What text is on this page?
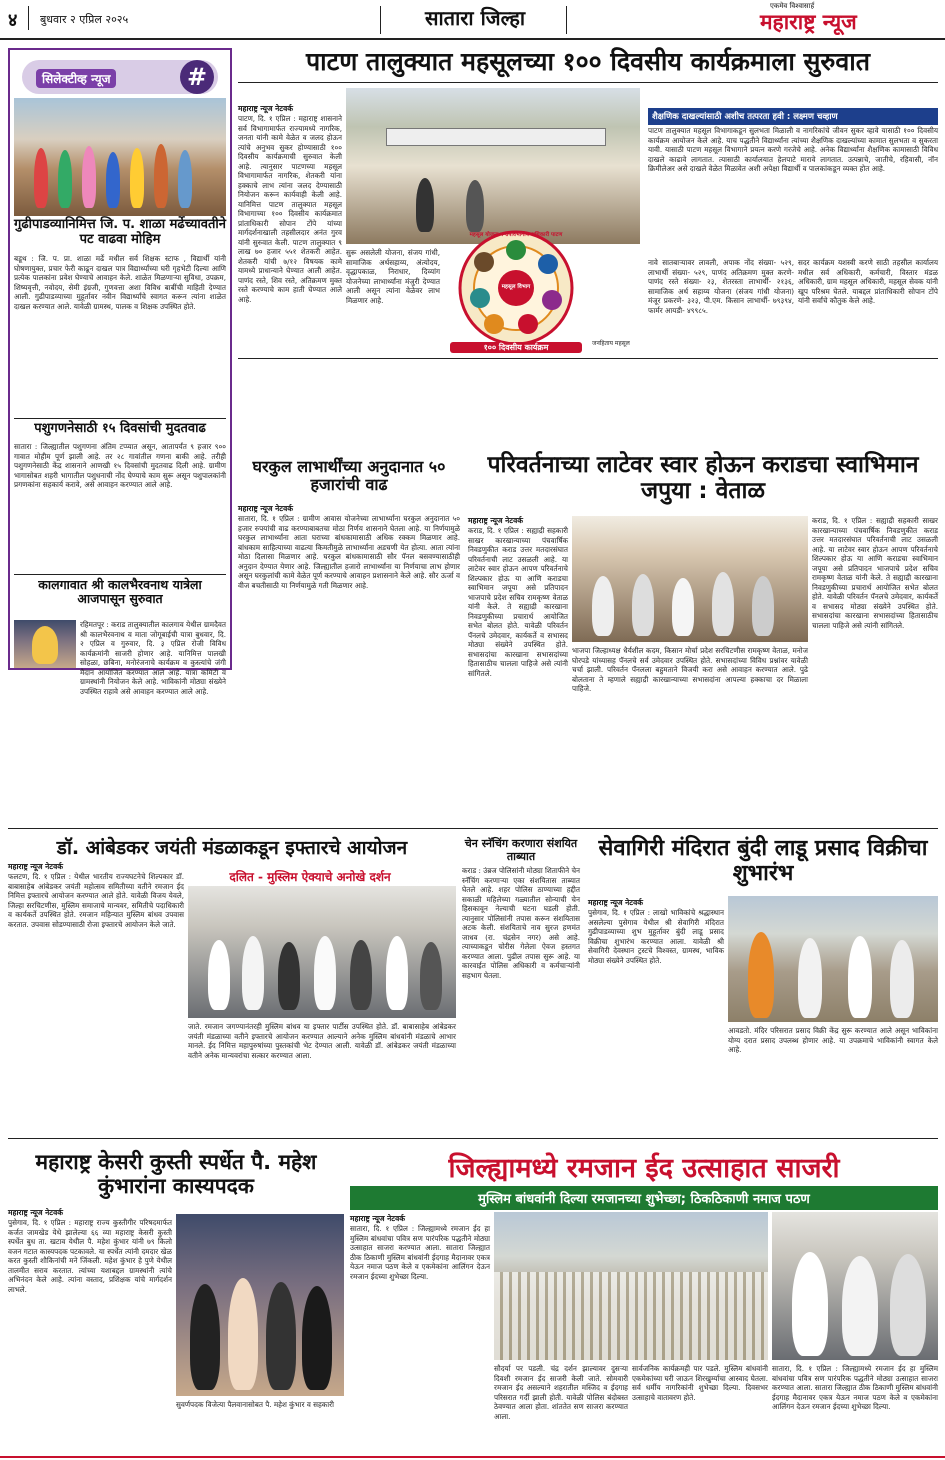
४ बुधवार २ एप्रिल २०२५	सातारा जिल्हा	एकमेव विश्वासार्ह
महाराष्ट्र न्यूज
सिलेक्टीव्ह न्यूज	#
गुढीपाडव्यानिमित्त जि. प. शाळा मर्ढेच्यावतीने पट वाढवा मोहिम
बडूथ : जि. प. प्रा. शाळा मर्ढे मधील सर्व शिक्षक स्टाफ , विद्यार्थी यांनी घोषणायुक्त, प्रचार फेरी काढून दाखल पात्र विद्यार्थ्यांच्या घरी गृहभेटी दिल्या आणि प्रत्येक पालकांना प्रवेश घेण्याचे आवाहन केले. शाळेत मिळणाऱ्या सुविधा, उपक्रम, शिष्यवृत्ती, नवोदय, सेमी इंग्रजी, गुणवत्ता अशा विविध बाबींची माहिती देण्यात आली. गुढीपाडव्याच्या मुहूर्तावर नवीन विद्यार्थ्यांचे स्वागत करून त्यांना शाळेत दाखल करण्यात आले. यावेळी ग्रामस्थ, पालक व शिक्षक उपस्थित होते.
पशुगणनेसाठी १५ दिवसांची मुदतवाढ
सातारा : जिल्ह्यातील पशुगणना अंतिम टप्प्यात असून, आतापर्यंत ९ हजार ९०० गावात मोहीम पूर्ण झाली आहे. तर २८ गावांतील गणना बाकी आहे. तरीही पशुगणनेसाठी केंद्र शासनाने आणखी १५ दिवसांची मुदतवाढ दिली आहे. ग्रामीण भागासोबत शहरी भागातील पशुधनाची नोंद घेण्याचे काम सुरू असून पशुपालकांनी प्रगणकांना सहकार्य करावे, असे आवाहन करण्यात आले आहे.
कालगावात श्री कालभैरवनाथ यात्रेला आजपासून सुरुवात
रहिमतपूर : कराड तालुक्यातील कालगाव येथील ग्रामदैवत श्री कालभैरवनाथ व माता जोगूबाईची यात्रा बुधवार, दि. २ एप्रिल व गुरुवार, दि. ३ एप्रिल रोजी विविध कार्यक्रमांनी साजरी होणार आहे. यानिमित्त पालखी सोहळा, छबिना, मनोरंजनाचे कार्यक्रम व कुस्त्यांचे जंगी मैदान आयोजित करण्यात आले आहे. यात्रा कमिटी व ग्रामस्थांनी नियोजन केले आहे. भाविकांनी मोठ्या संख्येने उपस्थित राहावे असे आवाहन करण्यात आले आहे.
पाटण तालुक्यात महसूलच्या १०० दिवसीय कार्यक्रमाला सुरुवात
महाराष्ट्र न्यूज नेटवर्क
पाटण, दि. १ एप्रिल : महाराष्ट्र शासनाने सर्व विभागामार्फत राज्यामध्ये नागरिक, जनता यांनी कामे वेळेत व जलद होऊन त्यांचे अनुभव सुकर होण्यासाठी १०० दिवसीय कार्यक्रमाची सुरुवात केली आहे. त्यानुसार पाटणच्या महसूल विभागामार्फत नागरिक, शेतकरी यांना हक्काचे लाभ त्यांना जलद देण्यासाठी नियोजन करून कार्यवाही केली आहे. यानिमित्त पाटण तालुक्यात महसूल विभागाच्या १०० दिवसीय कार्यक्रमात प्रांताधिकारी सोपान टोंपे यांच्या मार्गदर्शनाखाली तहसीलदार अनंत गुरव यांनी सुरुवात केली. पाटण तालुक्यात ९ लाख ७० हजार ५५१ शेतकरी आहेत. शेतकरी यांची ७/१२ विषयक कामे यामध्ये प्राधान्याने घेण्यात आली आहेत. पाणंद रस्ते, शिव रस्ते, अतिक्रमण मुक्त रस्ते करण्याचे काम हाती घेण्यात आले आहे.
सुरू असलेली योजना, संजय गांधी, सामाजिक अर्थसहाय्य, अंत्योदय, वृद्धापकाळ, निराधार, दिव्यांग योजनेच्या लाभार्थ्यांना मंजुरी देण्यात आली असून त्यांना वेळेवर लाभ मिळणार आहे.
महसूल विभाग
महसूल योजना व उपविभागीय अधिकारी पाटण
१०० दिवसीय कार्यक्रम	जनहिताय महसूल
शैक्षणिक दाखल्यांसाठी अशीच तत्परता हवी : लक्ष्मण चव्हाण
पाटण तालुक्यात महसूल विभागाकडून सुलभता मिळाली व नागरिकांचे जीवन सुकर व्हावे यासाठी १०० दिवसीय कार्यक्रम आयोजन केले आहे. याच पद्धतीने विद्यार्थ्यांना त्यांच्या शैक्षणिक दाखल्यांच्या कामात सुलभता व सुकरता यावी. यासाठी पाटण महसूल विभागाने प्रयत्न करणे गरजेचे आहे. अनेक विद्यार्थ्यांना शैक्षणिक कामासाठी विविध दाखले काढावे लागतात. त्यासाठी कार्यालयात हेलपाटे मारावे लागतात. उत्पन्नाचे, जातीचे, रहिवासी, नॉन क्रिमीलेअर असे दाखले वेळेत मिळावेत अशी अपेक्षा विद्यार्थी व पालकांकडून व्यक्त होत आहे.
नावे सातबाऱ्यावर लावली, अपाक नोंद संख्या- ५२९, लाभार्थी संख्या- ५२९, पाणंद अतिक्रमण मुक्त करणे- पाणंद रस्ते संख्या- २३, शेतरस्ता लाभार्थी- २१३६, सामाजिक अर्थ सहाय्य योजना (संजय गांधी योजना) मंजूर प्रकरणे- ३२३, पी.एम. किसान लाभार्थी- ७९३९४, फार्मर आयडी- ४९९८५.
सदर कार्यक्रम यशस्वी करणे साठी तहसील कार्यालय मधील सर्व अधिकारी, कर्मचारी, विस्तार मंडळ अधिकारी, ग्राम महसूल अधिकारी, महसूल सेवक यांनी खूप परिश्रम घेतले. याबद्दल प्रांताधिकारी सोपान टोंपे यांनी सर्वांचे कौतुक केले आहे.
घरकुल लाभार्थींच्या अनुदानात ५० हजारांची वाढ
महाराष्ट्र न्यूज नेटवर्क
सातारा, दि. १ एप्रिल : ग्रामीण आवास योजनेच्या लाभार्थ्यांना घरकुल अनुदानात ५० हजार रुपयांची वाढ करण्याबाबतचा मोठा निर्णय शासनाने घेतला आहे. या निर्णयामुळे घरकुल लाभार्थ्यांना आता घराच्या बांधकामासाठी अधिक रक्कम मिळणार आहे. बांधकाम साहित्याच्या वाढत्या किमतीमुळे लाभार्थ्यांना अडचणी येत होत्या. आता त्यांना मोठा दिलासा मिळणार आहे. घरकुल बांधकामासाठी सौर पॅनल बसवण्यासाठीही अनुदान देण्यात येणार आहे. जिल्ह्यातील हजारो लाभार्थ्यांना या निर्णयाचा लाभ होणार असून घरकुलांची कामे वेळेत पूर्ण करण्याचे आवाहन प्रशासनाने केले आहे. सौर ऊर्जा व वीज बचतीसाठी या निर्णयामुळे गती मिळणार आहे.
परिवर्तनाच्या लाटेवर स्वार होऊन कराडचा स्वाभिमान जपुया : वेताळ
महाराष्ट्र न्यूज नेटवर्क
कराड, दि. १ एप्रिल : सह्याद्री सहकारी साखर कारखान्याच्या पंचवार्षिक निवडणुकीत कराड उत्तर मतदारसंघात परिवर्तनाची लाट उसळली आहे. या लाटेवर स्वार होऊन आपण परिवर्तनाचे शिल्पकार होऊ या आणि कराडचा स्वाभिमान जपूया असे प्रतिपादन भाजपाचे प्रदेश सचिव रामकृष्ण वेताळ यांनी केले. ते सह्याद्री कारखाना निवडणुकीच्या प्रचारार्थ आयोजित सभेत बोलत होते. यावेळी परिवर्तन पॅनलचे उमेदवार, कार्यकर्ते व सभासद मोठ्या संख्येने उपस्थित होते. सभासदांचा कारखाना सभासदांच्या हितासाठीच चालला पाहिजे असे त्यांनी सांगितले.
भाजपा जिल्हाध्यक्ष धैर्यशील कदम, किसान मोर्चा प्रदेश सरचिटणीस रामकृष्ण वेताळ, मनोज घोरपडे यांच्यासह पॅनलचे सर्व उमेदवार उपस्थित होते. सभासदांच्या विविध प्रश्नांवर यावेळी चर्चा झाली. परिवर्तन पॅनलला बहुमताने विजयी करा असे आवाहन करण्यात आले. पुढे बोलताना ते म्हणाले सह्याद्री कारखान्याच्या सभासदांना आपल्या हक्काचा दर मिळाला पाहिजे.
कराड, दि. १ एप्रिल : सह्याद्री सहकारी साखर कारखान्याच्या पंचवार्षिक निवडणुकीत कराड उत्तर मतदारसंघात परिवर्तनाची लाट उसळली आहे. या लाटेवर स्वार होऊन आपण परिवर्तनाचे शिल्पकार होऊ या आणि कराडचा स्वाभिमान जपूया असे प्रतिपादन भाजपाचे प्रदेश सचिव रामकृष्ण वेताळ यांनी केले. ते सह्याद्री कारखाना निवडणुकीच्या प्रचारार्थ आयोजित सभेत बोलत होते. यावेळी परिवर्तन पॅनलचे उमेदवार, कार्यकर्ते व सभासद मोठ्या संख्येने उपस्थित होते. सभासदांचा कारखाना सभासदांच्या हितासाठीच चालला पाहिजे असे त्यांनी सांगितले.
डॉ. आंबेडकर जयंती मंडळाकडून इफ्तारचे आयोजन
दलित - मुस्लिम ऐक्याचे अनोखे दर्शन
महाराष्ट्र न्यूज नेटवर्क
फलटण, दि. १ एप्रिल : येथील भारतीय राज्यघटनेचे शिल्पकार डॉ. बाबासाहेब आंबेडकर जयंती महोत्सव समितीच्या वतीने रमजान ईद निमित्त इफ्तारचे आयोजन करण्यात आले होते. यावेळी विजय येवले, जिल्हा सरचिटणीस, मुस्लिम समाजाचे मान्यवर, समितीचे पदाधिकारी व कार्यकर्ते उपस्थित होते. रमजान महिन्यात मुस्लिम बांधव उपवास करतात. उपवास सोडण्यासाठी रोजा इफ्तारचे आयोजन केले जाते.
जाते. रमजान जगण्यानंतरही मुस्लिम बांधव या इफ्तार पार्टीस उपस्थित होते. डॉ. बाबासाहेब आंबेडकर जयंती मंडळाच्या वतीने इफ्तारचे आयोजन करण्यात आल्याने अनेक मुस्लिम बांधवांनी मंडळाचे आभार मानले. ईद निमित्त महापुरुषांच्या पुस्तकांची भेट देण्यात आली. यावेळी डॉ. आंबेडकर जयंती मंडळाच्या वतीने अनेक मान्यवरांचा सत्कार करण्यात आला.
चेन स्नॅचिंग करणारा संशयित ताब्यात
कराड : उंब्रज पोलिसांनी मोठ्या शिताफीने चेन स्नॅचिंग करणाऱ्या एका संशयितास ताब्यात घेतले आहे. शहर पोलिस ठाण्याच्या हद्दीत सकाळी महिलेच्या गळ्यातील सोन्याची चेन हिसकावून नेल्याची घटना घडली होती. त्यानुसार पोलिसांनी तपास करून संशयितास अटक केली. संशयिताचे नाव सुरज हणमंत जाधव (रा. चंद्रसेन नगर) असे आहे. त्याच्याकडून चोरीस गेलेला ऐवज हस्तगत करण्यात आला. पुढील तपास सुरू आहे. या कारवाईत पोलिस अधिकारी व कर्मचाऱ्यांनी सहभाग घेतला.
सेवागिरी मंदिरात बुंदी लाडू प्रसाद विक्रीचा शुभारंभ
महाराष्ट्र न्यूज नेटवर्क
पुसेगाव, दि. १ एप्रिल : लाखो भाविकांचे श्रद्धास्थान असलेल्या पुसेगाव येथील श्री सेवागिरी मंदिरात गुढीपाडव्याच्या शुभ मुहूर्तावर बुंदी लाडू प्रसाद विक्रीचा शुभारंभ करण्यात आला. यावेळी श्री सेवागिरी देवस्थान ट्रस्टचे विश्वस्त, ग्रामस्थ, भाविक मोठ्या संख्येने उपस्थित होते.
आवडतो. मंदिर परिसरात प्रसाद विक्री केंद्र सुरू करण्यात आले असून भाविकांना योग्य दरात प्रसाद उपलब्ध होणार आहे. या उपक्रमाचे भाविकांनी स्वागत केले आहे.
महाराष्ट्र केसरी कुस्ती स्पर्धेत पै. महेश कुंभारांना कास्यपदक
महाराष्ट्र न्यूज नेटवर्क
पुसेगाव, दि. १ एप्रिल : महाराष्ट्र राज्य कुस्तीगीर परिषदमार्फत कर्जत जामखेड येथे झालेल्या ६६ व्या महाराष्ट्र केसरी कुस्ती स्पर्धेत बुध ता. खटाव येथील पै. महेश कुंभार यांनी ७९ किलो वजन गटात कास्यपदक पटकावले. या स्पर्धेत त्यांनी दमदार खेळ करत कुस्ती शौकिनांची मने जिंकली. महेश कुंभार हे पुणे येथील तालमीत सराव करतात. त्यांच्या यशाबद्दल ग्रामस्थांनी त्यांचे अभिनंदन केले आहे. त्यांना वस्ताद, प्रशिक्षक यांचे मार्गदर्शन लाभले.
सुवर्णपदक विजेत्या पैलवानासोबत पै. महेश कुंभार व सहकारी
जिल्ह्यामध्ये रमजान ईद उत्साहात साजरी
मुस्लिम बांधवांनी दिल्या रमजानच्या शुभेच्छा; ठिकठिकाणी नमाज पठण
महाराष्ट्र न्यूज नेटवर्क
सातारा, दि. १ एप्रिल : जिल्ह्यामध्ये रमजान ईद हा मुस्लिम बांधवांचा पवित्र सण पारंपरिक पद्धतीने मोठ्या उत्साहात साजरा करण्यात आला. सातारा जिल्ह्यात ठीक ठिकाणी मुस्लिम बांधवांनी ईदगाह मैदानावर एकत्र येऊन नमाज पठण केले व एकमेकांना आलिंगन देऊन रमजान ईदच्या शुभेच्छा दिल्या.
सौदर्या पर पडली. चंद्र दर्शन झाल्यावर दुसऱ्या दिवशी रमजान ईद साजरी केली जाते. सोमवारी रमजान ईद असल्याने शहरातील मस्जिद व ईदगाह परिसरात गर्दी झाली होती. यावेळी पोलिस बंदोबस्त ठेवण्यात आला होता. शांततेत सण साजरा करण्यात आला.
सार्वजनिक कार्यक्रमही पार पडले. मुस्लिम बांधवांनी एकमेकांच्या घरी जाऊन शिरखुर्म्याचा आस्वाद घेतला. सर्व धर्मीय नागरिकांनी शुभेच्छा दिल्या. दिवसभर उत्साहाचे वातावरण होते.
सातारा, दि. १ एप्रिल : जिल्ह्यामध्ये रमजान ईद हा मुस्लिम बांधवांचा पवित्र सण पारंपरिक पद्धतीने मोठ्या उत्साहात साजरा करण्यात आला. सातारा जिल्ह्यात ठीक ठिकाणी मुस्लिम बांधवांनी ईदगाह मैदानावर एकत्र येऊन नमाज पठण केले व एकमेकांना आलिंगन देऊन रमजान ईदच्या शुभेच्छा दिल्या.
